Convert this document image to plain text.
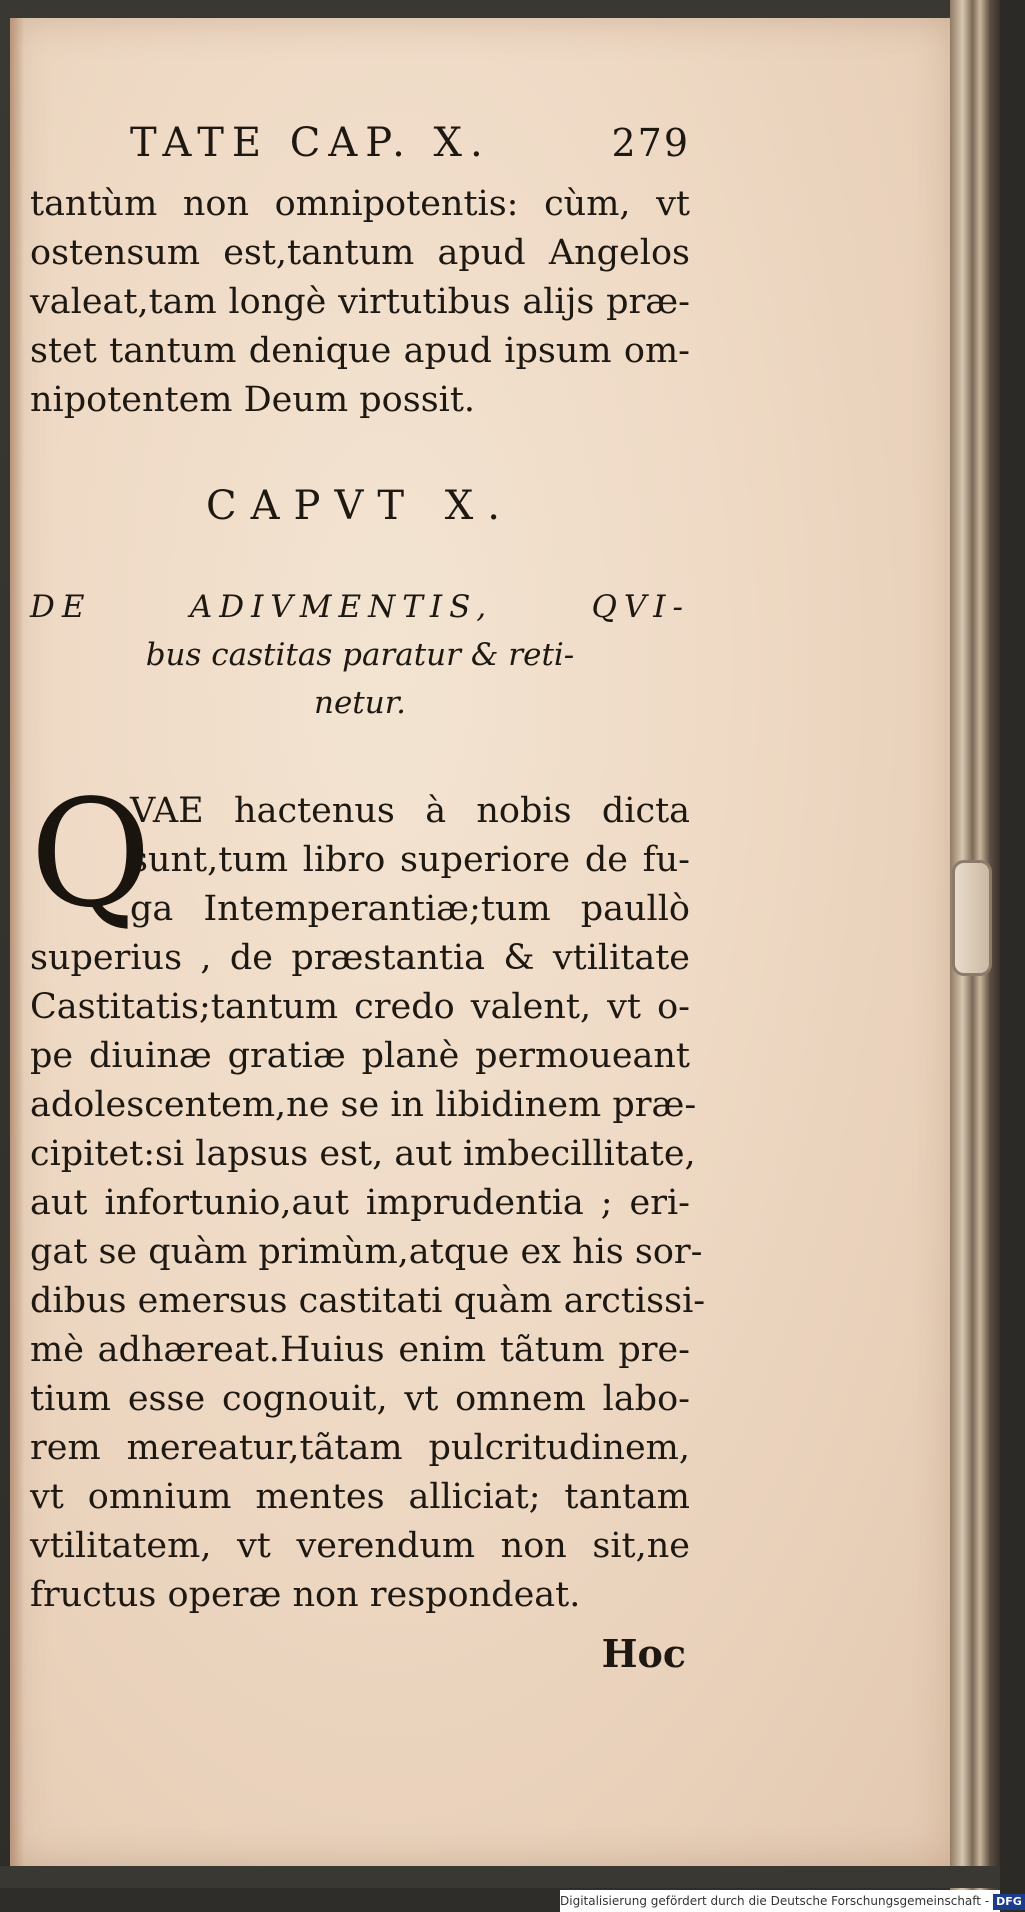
TATE CAP. X.	279
tantùm non omnipotentis: cùm, vt
ostensum est,tantum apud Angelos
valeat,tam longè virtutibus alijs præ-
stet tantum denique apud ipsum om-
nipotentem Deum possit.
CAPVT X.
DE ADIVMENTIS, QVI-
bus castitas paratur & reti-
netur.
Q
VAE hactenus à nobis dicta
sunt,tum libro superiore de fu-
ga Intemperantiæ;tum paullò
superius , de præstantia & vtilitate
Castitatis;tantum credo valent, vt o-
pe diuinæ gratiæ planè permoueant
adolescentem,ne se in libidinem præ-
cipitet:si lapsus est, aut imbecillitate,
aut infortunio,aut imprudentia ; eri-
gat se quàm primùm,atque ex his sor-
dibus emersus castitati quàm arctissi-
mè adhæreat.Huius enim tãtum pre-
tium esse cognouit, vt omnem labo-
rem mereatur,tãtam pulcritudinem,
vt omnium mentes alliciat; tantam
vtilitatem, vt verendum non sit,ne
fructus operæ non respondeat.
Hoc
Digitalisierung gefördert durch die Deutsche Forschungsgemeinschaft - DFG
